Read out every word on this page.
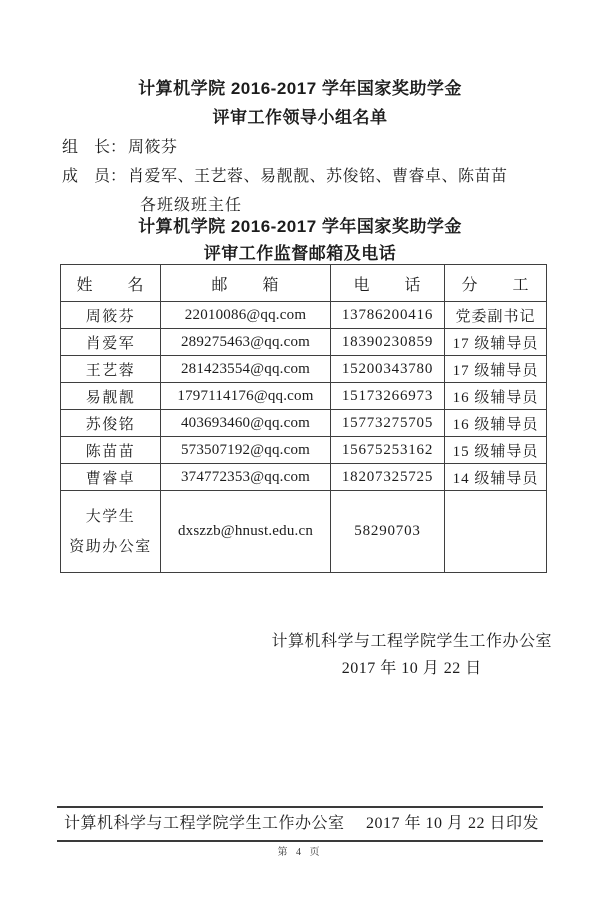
计算机学院 2016-2017 学年国家奖助学金
评审工作领导小组名单
组　长： 周筱芬
成　员： 肖爱军、王艺蓉、易靓靓、苏俊铭、曹睿卓、陈苗苗
各班级班主任
计算机学院 2016-2017 学年国家奖助学金
评审工作监督邮箱及电话
姓　　名	邮　　箱	电　　话	分　　工
周筱芬	22010086@qq.com	13786200416	党委副书记
肖爱军	289275463@qq.com	18390230859	17 级辅导员
王艺蓉	281423554@qq.com	15200343780	17 级辅导员
易靓靓	1797114176@qq.com	15173266973	16 级辅导员
苏俊铭	403693460@qq.com	15773275705	16 级辅导员
陈苗苗	573507192@qq.com	15675253162	15 级辅导员
曹睿卓	374772353@qq.com	18207325725	14 级辅导员

大学生
资助办公室	dxszzb@hnust.edu.cn	58290703	
计算机科学与工程学院学生工作办公室
2017 年 10 月 22 日
计算机科学与工程学院学生工作办公室 2017 年 10 月 22 日印发
第 4 页
